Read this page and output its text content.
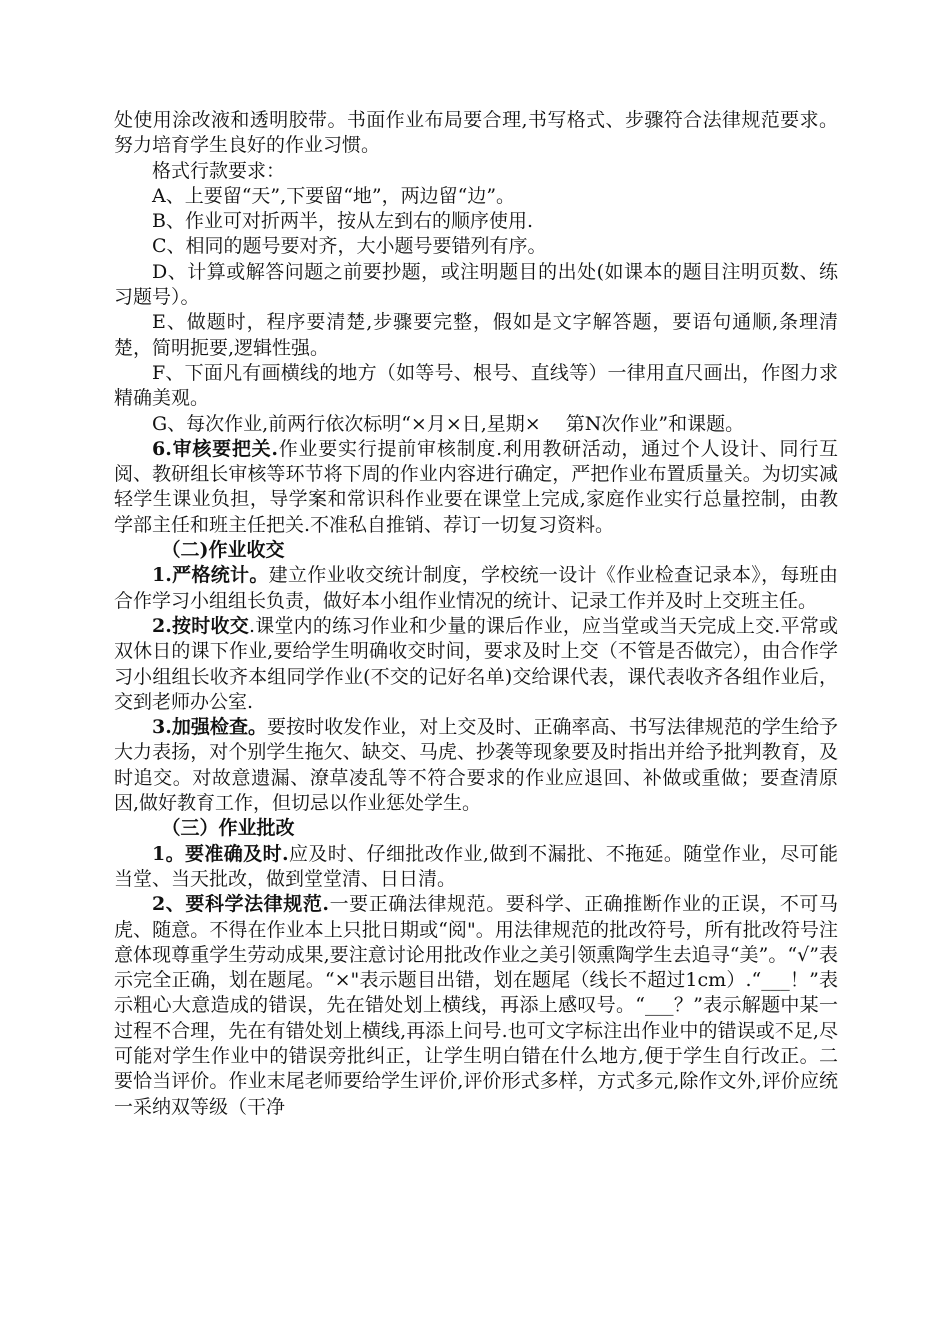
处使用涂改液和透明胶带。书面作业布局要合理,书写格式、步骤符合法律规范要求。努力培育学生良好的作业习惯。

格式行款要求：

A、上要留“天”,下要留“地”，两边留“边”。

B、作业可对折两半，按从左到右的顺序使用.

C、相同的题号要对齐，大小题号要错列有序。

D、计算或解答问题之前要抄题，或注明题目的出处(如课本的题目注明页数、练习题号）。

E、做题时，程序要清楚,步骤要完整，假如是文字解答题，要语句通顺,条理清楚，简明扼要,逻辑性强。

F、下面凡有画横线的地方（如等号、根号、直线等）一律用直尺画出，作图力求精确美观。

G、每次作业,前两行依次标明“×月×日,星期×　 第N次作业”和课题。

6.审核要把关.作业要实行提前审核制度.利用教研活动，通过个人设计、同行互阅、教研组长审核等环节将下周的作业内容进行确定，严把作业布置质量关。为切实减轻学生课业负担，导学案和常识科作业要在课堂上完成,家庭作业实行总量控制，由教学部主任和班主任把关.不准私自推销、荐订一切复习资料。

（二)作业收交

1.严格统计。建立作业收交统计制度，学校统一设计《作业检查记录本》，每班由合作学习小组组长负责，做好本小组作业情况的统计、记录工作并及时上交班主任。

2.按时收交.课堂内的练习作业和少量的课后作业，应当堂或当天完成上交.平常或双休日的课下作业,要给学生明确收交时间，要求及时上交（不管是否做完），由合作学习小组组长收齐本组同学作业(不交的记好名单)交给课代表，课代表收齐各组作业后，交到老师办公室.

3.加强检查。要按时收发作业，对上交及时、正确率高、书写法律规范的学生给予大力表扬，对个别学生拖欠、缺交、马虎、抄袭等现象要及时指出并给予批判教育，及时追交。对故意遗漏、潦草凌乱等不符合要求的作业应退回、补做或重做；要查清原因,做好教育工作，但切忌以作业惩处学生。

（三）作业批改

1。要准确及时.应及时、仔细批改作业,做到不漏批、不拖延。随堂作业，尽可能当堂、当天批改，做到堂堂清、日日清。

2、要科学法律规范.一要正确法律规范。要科学、正确推断作业的正误，不可马虎、随意。不得在作业本上只批日期或“阅"。用法律规范的批改符号，所有批改符号注意体现尊重学生劳动成果,要注意讨论用批改作业之美引领熏陶学生去追寻“美”。“√”表示完全正确，划在题尾。“×"表示题目出错，划在题尾（线长不超过1cm）.“___！”表示粗心大意造成的错误，先在错处划上横线，再添上感叹号。“___？”表示解题中某一过程不合理，先在有错处划上横线,再添上问号.也可文字标注出作业中的错误或不足,尽可能对学生作业中的错误旁批纠正，让学生明白错在什么地方,便于学生自行改正。二要恰当评价。作业末尾老师要给学生评价,评价形式多样，方式多元,除作文外,评价应统一采纳双等级（干净
